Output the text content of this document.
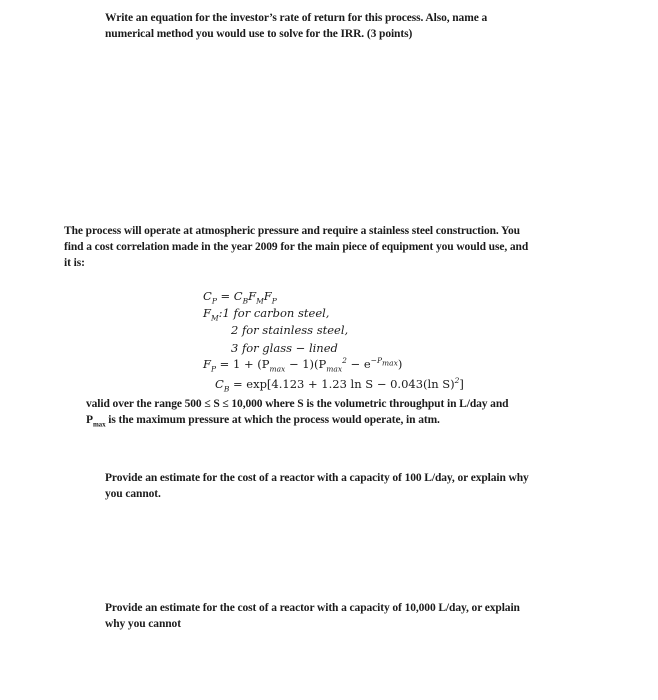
Write an equation for the investor’s rate of return for this process. Also, name a
numerical method you would use to solve for the IRR. (3 points)
The process will operate at atmospheric pressure and require a stainless steel construction. You
find a cost correlation made in the year 2009 for the main piece of equipment you would use, and
it is:
$C_P = C_BF_MF_P$
$F_M:1$ for carbon steel,
2 for stainless steel,
3 for glass − lined
$F_P = 1 + (P_{max} - 1)(P_{max}^2 - e^{-P_{max}})$
$C_B = \exp[4.123 + 1.23$ ln S − 0.043(ln S)$^2$]
valid over the range 500 ≤ S ≤ 10,000 where S is the volumetric throughput in L/day and
$P_{max}$ is the maximum pressure at which the process would operate, in atm.
Provide an estimate for the cost of a reactor with a capacity of 100 L/day, or explain why
you cannot.
Provide an estimate for the cost of a reactor with a capacity of 10,000 L/day, or explain
why you cannot
